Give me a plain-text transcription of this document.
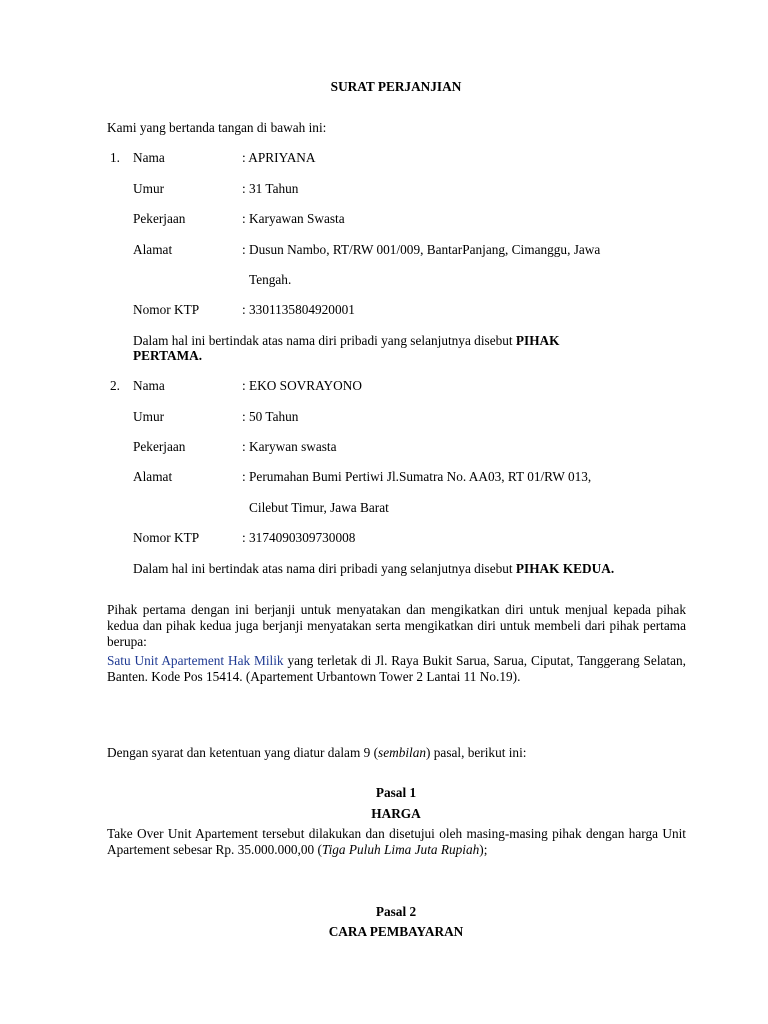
SURAT PERJANJIAN
Kami yang bertanda tangan di bawah ini:
1. Nama	: APRIYANA
Umur	: 31 Tahun
Pekerjaan	: Karyawan Swasta
Alamat	: Dusun Nambo, RT/RW 001/009, BantarPanjang, Cimanggu, Jawa
Tengah.
Nomor KTP	: 3301135804920001
Dalam hal ini bertindak atas nama diri pribadi yang selanjutnya disebut PIHAK
PERTAMA.
2. Nama	: EKO SOVRAYONO
Umur	: 50 Tahun
Pekerjaan	: Karywan swasta
Alamat	: Perumahan Bumi Pertiwi Jl.Sumatra No. AA03, RT 01/RW 013,
Cilebut Timur, Jawa Barat
Nomor KTP	: 3174090309730008
Dalam hal ini bertindak atas nama diri pribadi yang selanjutnya disebut PIHAK KEDUA.
Pihak pertama dengan ini berjanji untuk menyatakan dan mengikatkan diri untuk menjual kepada pihak kedua dan pihak kedua juga berjanji menyatakan serta mengikatkan diri untuk membeli dari pihak pertama berupa:
Satu Unit Apartement Hak Milik yang terletak di Jl. Raya Bukit Sarua, Sarua, Ciputat, Tanggerang Selatan, Banten. Kode Pos 15414. (Apartement Urbantown Tower 2 Lantai 11 No.19).
Dengan syarat dan ketentuan yang diatur dalam 9 (sembilan) pasal, berikut ini:
Pasal 1
HARGA
Take Over Unit Apartement tersebut dilakukan dan disetujui oleh masing-masing pihak dengan harga Unit Apartement sebesar Rp. 35.000.000,00 (Tiga Puluh Lima Juta Rupiah);
Pasal 2
CARA PEMBAYARAN
